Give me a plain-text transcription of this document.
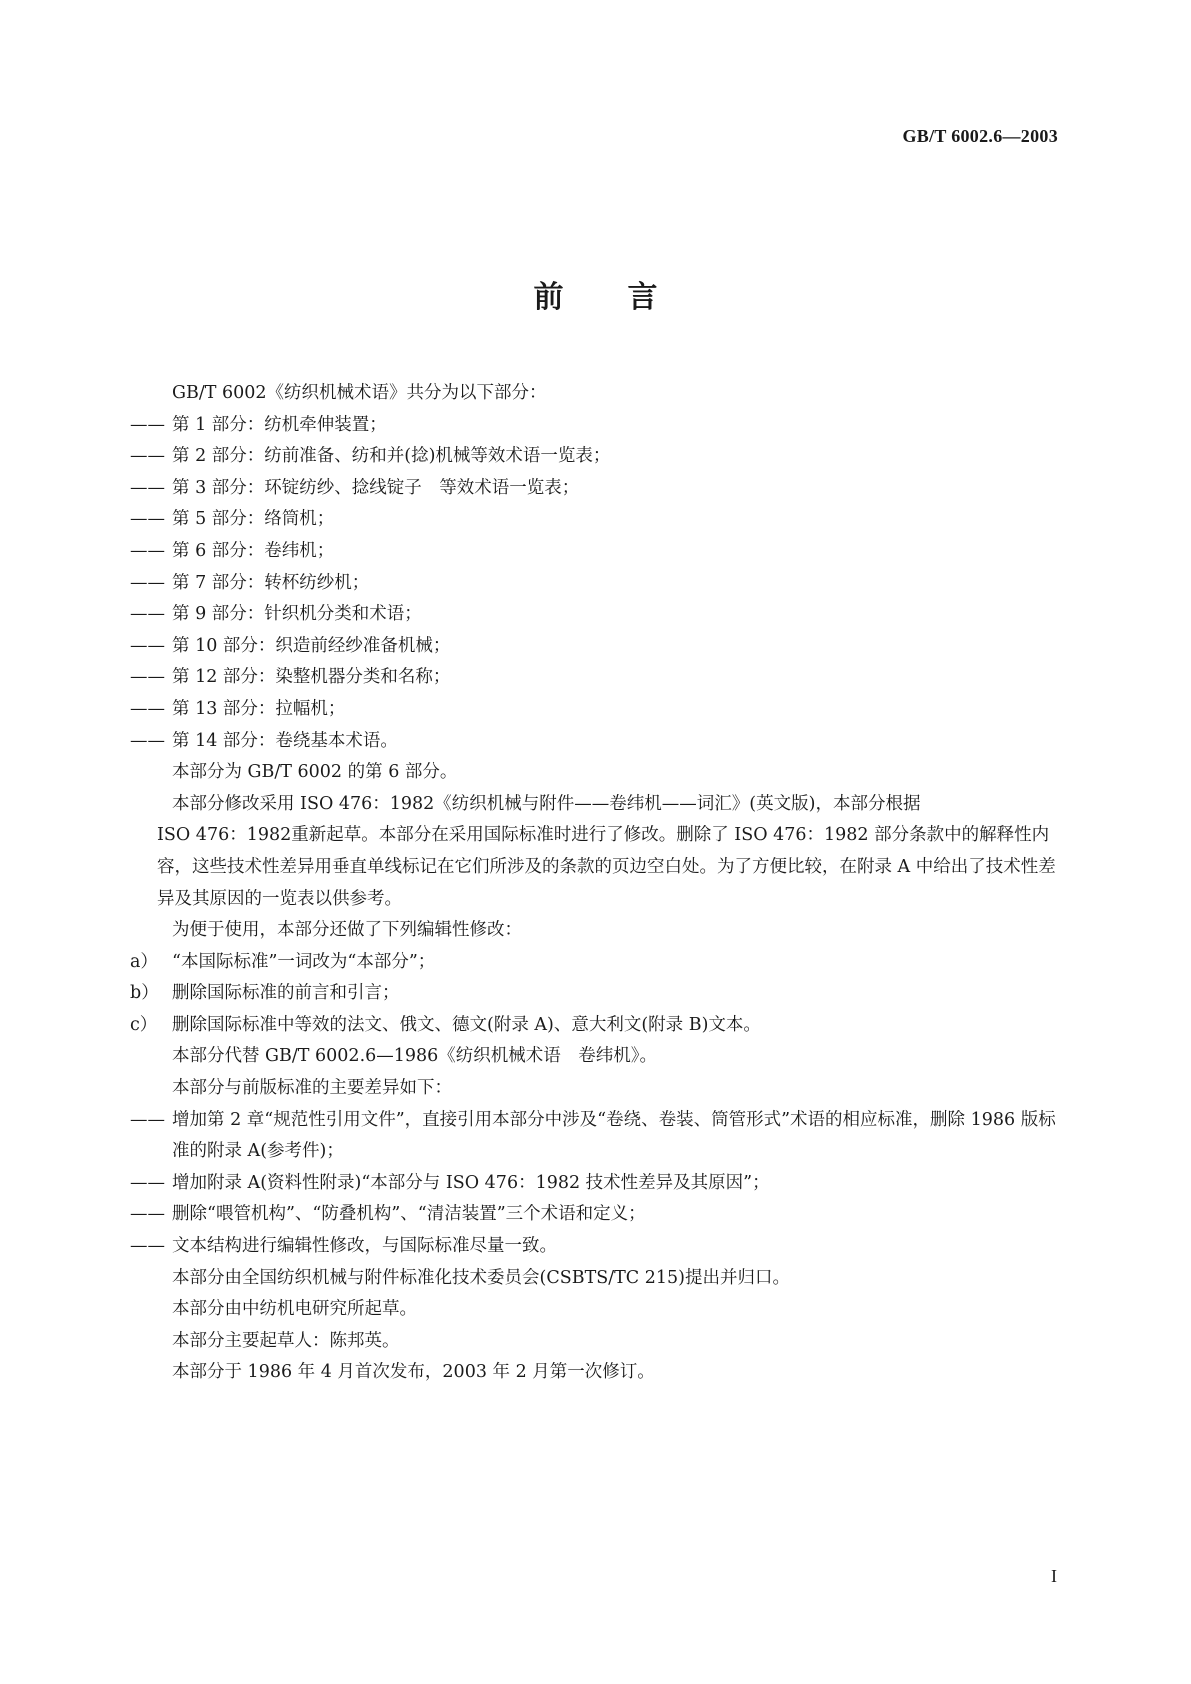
GB/T 6002.6—2003
前言

GB/T 6002《纺织机械术语》共分为以下部分：

—— 第 1 部分：纺机牵伸装置；

—— 第 2 部分：纺前准备、纺和并(捻)机械等效术语一览表；

—— 第 3 部分：环锭纺纱、捻线锭子　等效术语一览表；

—— 第 5 部分：络筒机；

—— 第 6 部分：卷纬机；

—— 第 7 部分：转杯纺纱机；

—— 第 9 部分：针织机分类和术语；

—— 第 10 部分：织造前经纱准备机械；

—— 第 12 部分：染整机器分类和名称；

—— 第 13 部分：拉幅机；

—— 第 14 部分：卷绕基本术语。

本部分为 GB/T 6002 的第 6 部分。

本部分修改采用 ISO 476：1982《纺织机械与附件——卷纬机——词汇》(英文版)，本部分根据
ISO 476：1982重新起草。本部分在采用国际标准时进行了修改。删除了 ISO 476：1982 部分条款中的解释性内容，这些技术性差异用垂直单线标记在它们所涉及的条款的页边空白处。为了方便比较，在附录 A 中给出了技术性差异及其原因的一览表以供参考。

为便于使用，本部分还做了下列编辑性修改：

a） “本国际标准”一词改为“本部分”；

b） 删除国际标准的前言和引言；

c） 删除国际标准中等效的法文、俄文、德文(附录 A)、意大利文(附录 B)文本。

本部分代替 GB/T 6002.6—1986《纺织机械术语　卷纬机》。

本部分与前版标准的主要差异如下：

—— 增加第 2 章“规范性引用文件”，直接引用本部分中涉及“卷绕、卷装、筒管形式”术语的相应标准，删除 1986 版标准的附录 A(参考件)；

—— 增加附录 A(资料性附录)“本部分与 ISO 476：1982 技术性差异及其原因”；

—— 删除“喂管机构”、“防叠机构”、“清洁装置”三个术语和定义；

—— 文本结构进行编辑性修改，与国际标准尽量一致。

本部分由全国纺织机械与附件标准化技术委员会(CSBTS/TC 215)提出并归口。

本部分由中纺机电研究所起草。

本部分主要起草人：陈邦英。

本部分于 1986 年 4 月首次发布，2003 年 2 月第一次修订。

I
